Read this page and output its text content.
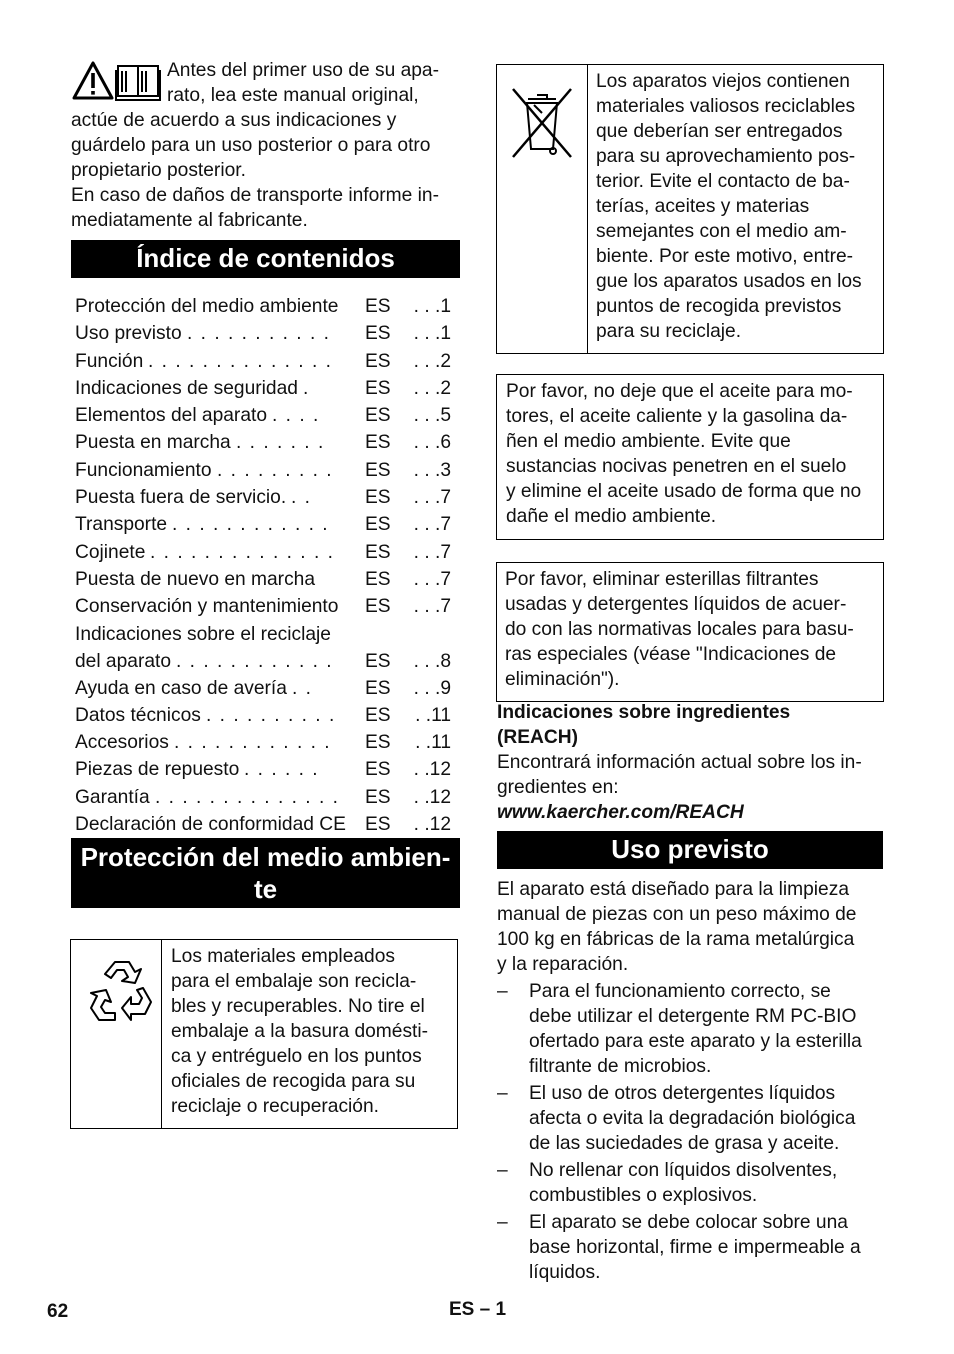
Antes del primer uso de su apa-

rato, lea este manual original,

actúe de acuerdo a sus indicaciones y

guárdelo para un uso posterior o para otro

propietario posterior.

En caso de daños de transporte informe in-

mediatamente al fabricante.

Índice de contenidos
Protección del medio ambiente ES . . .1
Uso previsto . . . . . . . . . . . ES . . .1
Función . . . . . . . . . . . . . . ES . . .2
Indicaciones de seguridad .	ES . . .2
Elementos del aparato . . . . ES . . .5
Puesta en marcha . . . . . . . ES . . .6
Funcionamiento . . . . . . . . . ES . . .3
Puesta fuera de servicio. . .	ES . . .7
Transporte . . . . . . . . . . . . ES . . .7
Cojinete . . . . . . . . . . . . . . ES . . .7
Puesta de nuevo en marcha	ES . . .7
Conservación y mantenimiento ES . . .7
Indicaciones sobre el reciclaje
del aparato . . . . . . . . . . . . ES . . .8
Ayuda en caso de avería . .	ES . . .9
Datos técnicos . . . . . . . . . . ES . .11
Accesorios . . . . . . . . . . . . ES . .11
Piezas de repuesto . . . . . . ES . .12
Garantía . . . . . . . . . . . . . . ES . .12
Declaración de conformidad CE ES . .12
Protección del medio ambien-
te

Los materiales empleados

para el embalaje son recicla-

bles y recuperables. No tire el

embalaje a la basura domésti-

ca y entréguelo en los puntos

oficiales de recogida para su

reciclaje o recuperación.

Los aparatos viejos contienen

materiales valiosos reciclables

que deberían ser entregados

para su aprovechamiento pos-

terior. Evite el contacto de ba-

terías, aceites y materias

semejantes con el medio am-

biente. Por este motivo, entre-

gue los aparatos usados en los

puntos de recogida previstos

para su reciclaje.

Por favor, no deje que el aceite para mo-

tores, el aceite caliente y la gasolina da-

ñen el medio ambiente. Evite que

sustancias nocivas penetren en el suelo

y elimine el aceite usado de forma que no

dañe el medio ambiente.

Por favor, eliminar esterillas filtrantes

usadas y detergentes líquidos de acuer-

do con las normativas locales para basu-

ras especiales (véase "Indicaciones de

eliminación").

Indicaciones sobre ingredientes

(REACH)

Encontrará información actual sobre los in-

gredientes en:

www.kaercher.com/REACH

Uso previsto

El aparato está diseñado para la limpieza

manual de piezas con un peso máximo de

100 kg en fábricas de la rama metalúrgica

y la reparación.

– Para el funcionamiento correcto, se

debe utilizar el detergente RM PC-BIO

ofertado para este aparato y la esterilla

filtrante de microbios.

– El uso de otros detergentes líquidos

afecta o evita la degradación biológica

de las suciedades de grasa y aceite.

– No rellenar con líquidos disolventes,

combustibles o explosivos.

– El aparato se debe colocar sobre una

base horizontal, firme e impermeable a

líquidos.

62	ES – 1
